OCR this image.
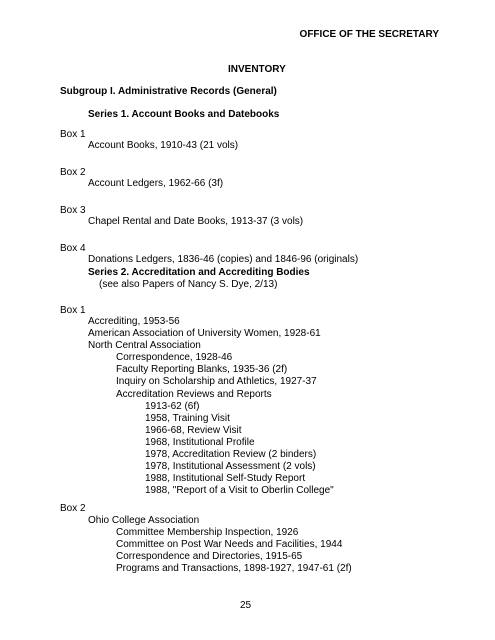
OFFICE OF THE SECRETARY
INVENTORY
Subgroup I. Administrative Records (General)
Series 1. Account Books and Datebooks
Box 1
Account Books, 1910-43 (21 vols)
Box 2
Account Ledgers, 1962-66 (3f)
Box 3
Chapel Rental and Date Books, 1913-37 (3 vols)
Box 4
Donations Ledgers, 1836-46 (copies) and 1846-96 (originals)
Series 2. Accreditation and Accrediting Bodies
(see also Papers of Nancy S. Dye, 2/13)
Box 1
Accrediting, 1953-56
American Association of University Women, 1928-61
North Central Association
Correspondence, 1928-46
Faculty Reporting Blanks, 1935-36 (2f)
Inquiry on Scholarship and Athletics, 1927-37
Accreditation Reviews and Reports
1913-62 (6f)
1958, Training Visit
1966-68, Review Visit
1968, Institutional Profile
1978, Accreditation Review (2 binders)
1978, Institutional Assessment (2 vols)
1988, Institutional Self-Study Report
1988, "Report of a Visit to Oberlin College"
Box 2
Ohio College Association
Committee Membership Inspection, 1926
Committee on Post War Needs and Facilities, 1944
Correspondence and Directories, 1915-65
Programs and Transactions, 1898-1927, 1947-61 (2f)
25
